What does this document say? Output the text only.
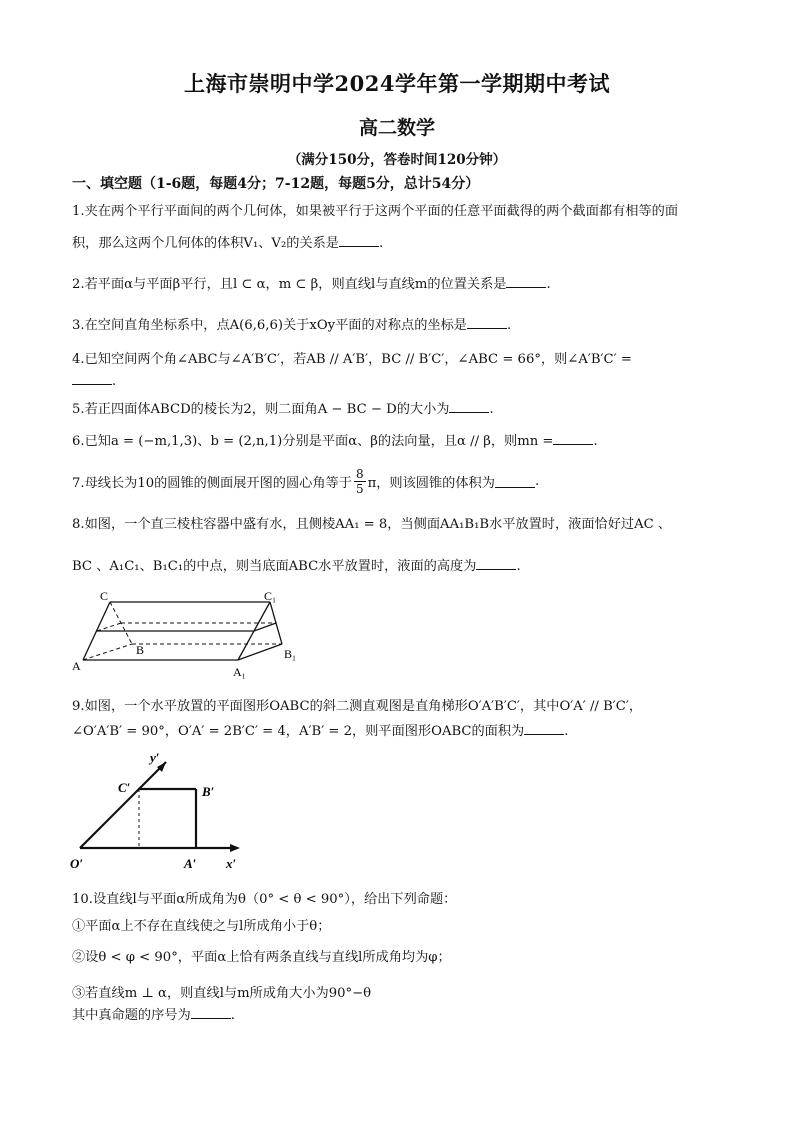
上海市崇明中学2024学年第一学期期中考试
高二数学
（满分150分，答卷时间120分钟）
一、填空题（1-6题，每题4分；7-12题，每题5分，总计54分）
1.夹在两个平行平面间的两个几何体，如果被平行于这两个平面的任意平面截得的两个截面都有相等的面
积，那么这两个几何体的体积V₁、V₂的关系是	.
2.若平面α与平面β平行，且l ⊂ α，m ⊂ β，则直线l与直线m的位置关系是	.
3.在空间直角坐标系中，点A(6,6,6)关于xOy平面的对称点的坐标是	.
4.已知空间两个角∠ABC与∠A′B′C′，若AB // A′B′，BC // B′C′，∠ABC = 66°，则∠A′B′C′ =
.
5.若正四面体ABCD的棱长为2，则二面角A − BC − D的大小为	.
6.已知a = (−m,1,3)、b = (2,n,1)分别是平面α、β的法向量，且α // β，则mn =	.
7.母线长为10的圆锥的侧面展开图的圆心角等于
8
5 π，则该圆锥的体积为	.
8.如图，一个直三棱柱容器中盛有水，且侧棱AA₁ = 8，当侧面AA₁B₁B水平放置时，液面恰好过AC 、
BC 、A₁C₁、B₁C₁的中点，则当底面ABC水平放置时，液面的高度为	.
C	C₁
B	B₁
A	A₁
9.如图，一个水平放置的平面图形OABC的斜二测直观图是直角梯形O′A′B′C′，其中O′A′ // B′C′，
∠O′A′B′ = 90°，O′A′ = 2B′C′ = 4，A′B′ = 2，则平面图形OABC的面积为	.
y′
C′	B′
O′	A′ x′
10.设直线l与平面α所成角为θ（0° < θ < 90°），给出下列命题：
①平面α上不存在直线使之与l所成角小于θ；
②设θ < φ < 90°，平面α上恰有两条直线与直线l所成角均为φ；
③若直线m ⊥ α，则直线l与m所成角大小为90°−θ
其中真命题的序号为	.
